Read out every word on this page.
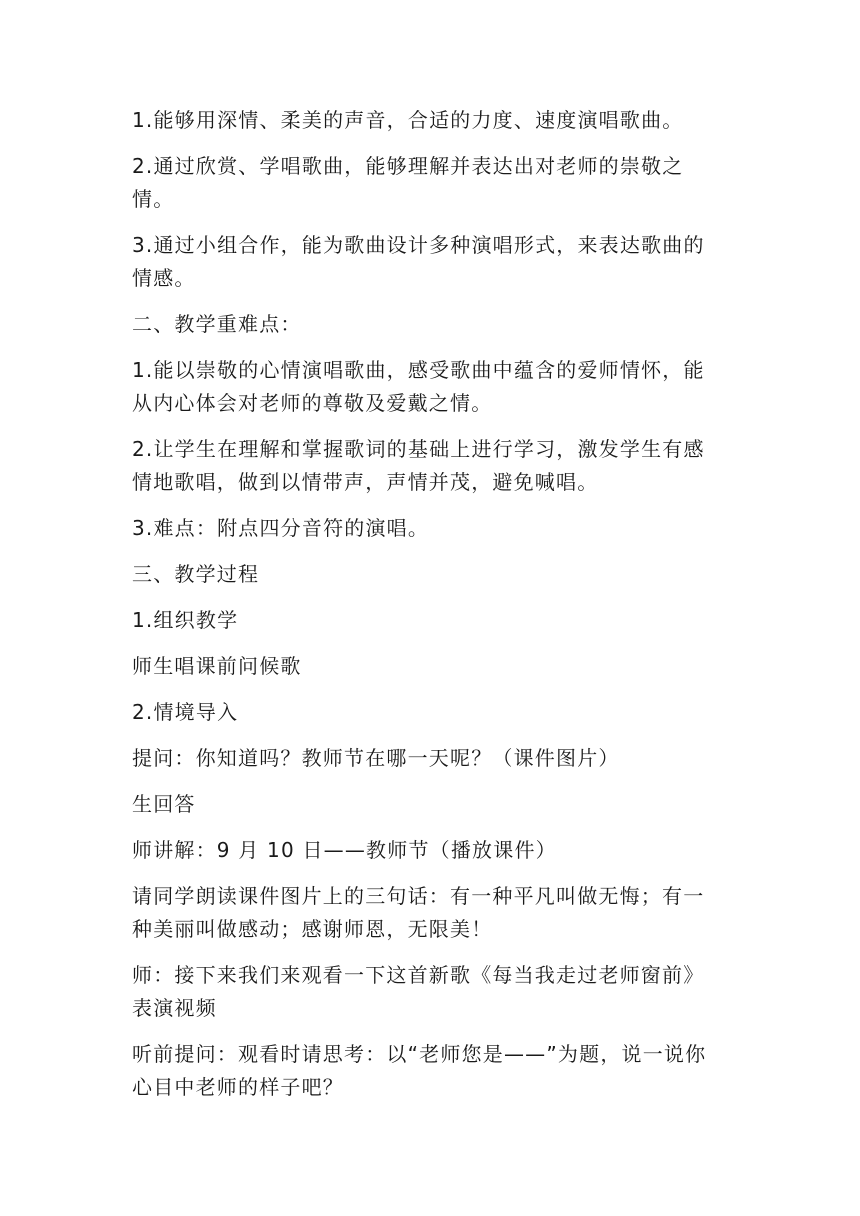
1.能够用深情、柔美的声音，合适的力度、速度演唱歌曲。

2.通过欣赏、学唱歌曲，能够理解并表达出对老师的崇敬之情。

3.通过小组合作，能为歌曲设计多种演唱形式，来表达歌曲的情感。

二、教学重难点：

1.能以崇敬的心情演唱歌曲，感受歌曲中蕴含的爱师情怀，能从内心体会对老师的尊敬及爱戴之情。

2.让学生在理解和掌握歌词的基础上进行学习，激发学生有感情地歌唱，做到以情带声，声情并茂，避免喊唱。

3.难点：附点四分音符的演唱。

三、教学过程

1.组织教学

师生唱课前问候歌

2.情境导入

提问：你知道吗？教师节在哪一天呢？（课件图片）

生回答

师讲解：9 月 10 日——教师节（播放课件）

请同学朗读课件图片上的三句话：有一种平凡叫做无悔；有一种美丽叫做感动；感谢师恩，无限美！

师：接下来我们来观看一下这首新歌《每当我走过老师窗前》表演视频

听前提问：观看时请思考：以“老师您是——”为题，说一说你心目中老师的样子吧？
